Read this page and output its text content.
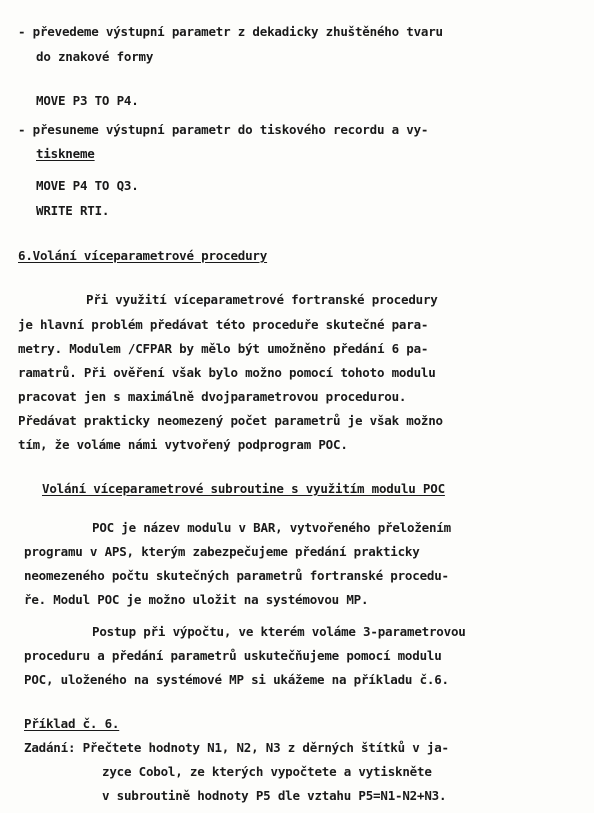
- převedeme výstupní parametr z dekadicky zhuštěného tvaru
do znakové formy
MOVE P3 TO P4.
- přesuneme výstupní parametr do tiskového recordu a vy-
tiskneme
MOVE P4 TO Q3.
WRITE RTI.
6.Volání víceparametrové procedury
Při využití víceparametrové fortranské procedury
je hlavní problém předávat této proceduře skutečné para-
metry. Modulem /CFPAR by mělo být umožněno předání 6 pa-
ramatrů. Při ověření však bylo možno pomocí tohoto modulu
pracovat jen s maximálně dvojparametrovou procedurou.
Předávat prakticky neomezený počet parametrů je však možno
tím, že voláme námi vytvořený podprogram POC.
Volání víceparametrové subroutine s využitím modulu POC
POC je název modulu v BAR, vytvořeného přeložením
programu v APS, kterým zabezpečujeme předání prakticky
neomezeného počtu skutečných parametrů fortranské procedu-
ře. Modul POC je možno uložit na systémovou MP.
Postup při výpočtu, ve kterém voláme 3-parametrovou
proceduru a předání parametrů uskutečňujeme pomocí modulu
POC, uloženého na systémové MP si ukážeme na příkladu č.6.
Příklad č. 6.
Zadání: Přečtete hodnoty N1, N2, N3 z děrných štítků v ja-
zyce Cobol, ze kterých vypočtete a vytiskněte
v subroutině hodnoty P5 dle vztahu P5=N1-N2+N3.
